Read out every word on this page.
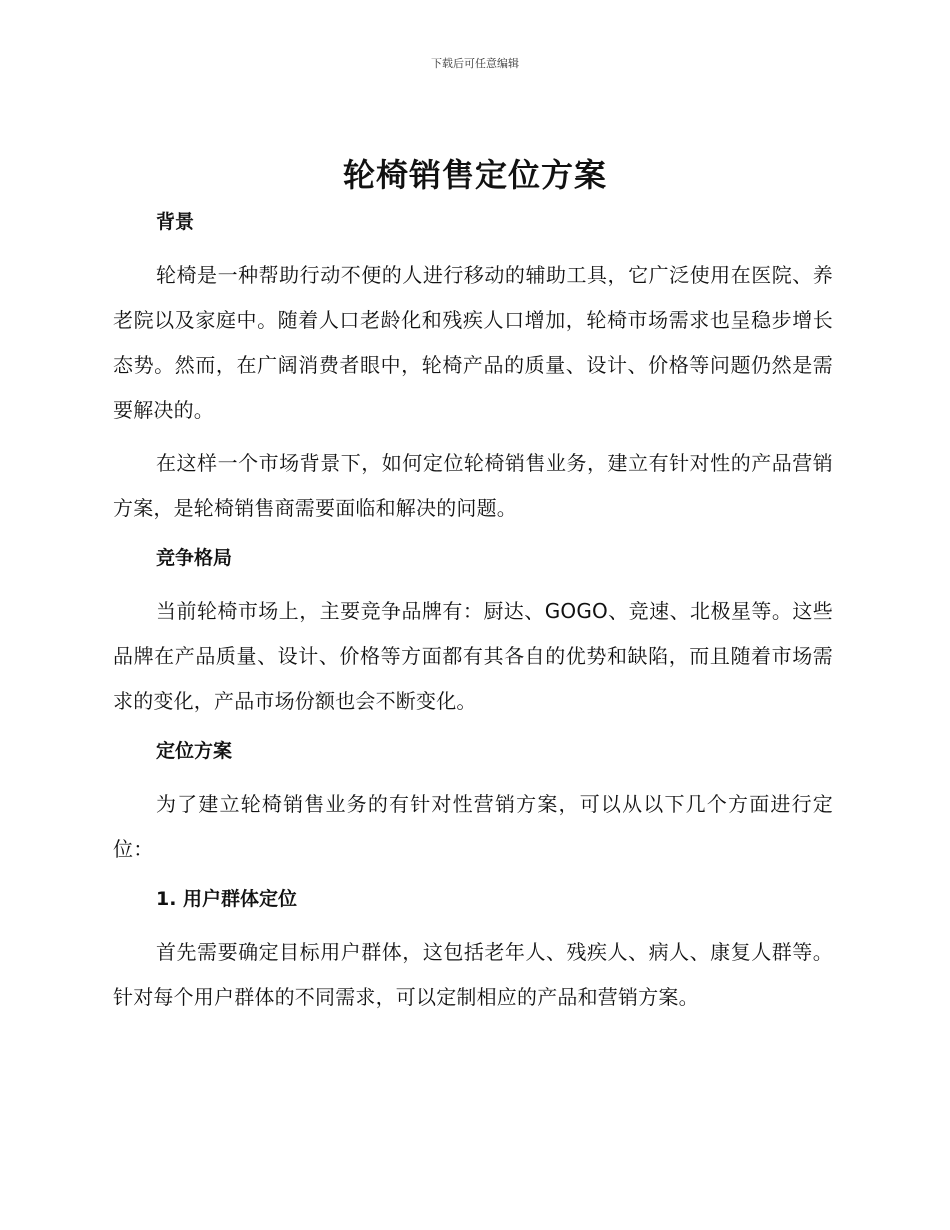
下载后可任意编辑
轮椅销售定位方案
背景

轮椅是一种帮助行动不便的人进行移动的辅助工具，它广泛使用在医院、养老院以及家庭中。随着人口老龄化和残疾人口增加，轮椅市场需求也呈稳步增长态势。然而，在广阔消费者眼中，轮椅产品的质量、设计、价格等问题仍然是需要解决的。

在这样一个市场背景下，如何定位轮椅销售业务，建立有针对性的产品营销方案，是轮椅销售商需要面临和解决的问题。

竞争格局

当前轮椅市场上，主要竞争品牌有：厨达、GOGO、竞速、北极星等。这些品牌在产品质量、设计、价格等方面都有其各自的优势和缺陷，而且随着市场需求的变化，产品市场份额也会不断变化。

定位方案

为了建立轮椅销售业务的有针对性营销方案，可以从以下几个方面进行定位：

1. 用户群体定位

首先需要确定目标用户群体，这包括老年人、残疾人、病人、康复人群等。针对每个用户群体的不同需求，可以定制相应的产品和营销方案。
